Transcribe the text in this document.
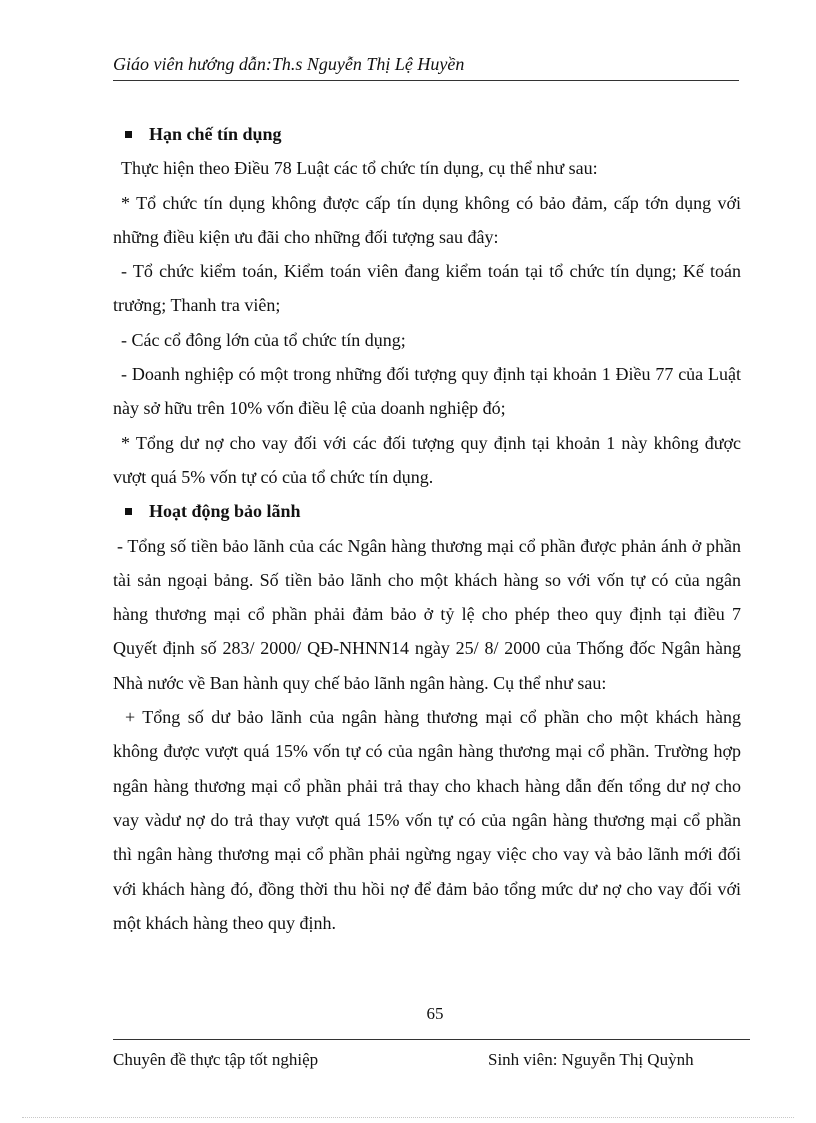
Giáo viên hướng dẫn:Th.s Nguyễn Thị Lệ Huyền
Hạn chế tín dụng

Thực hiện theo Điều 78 Luật các tổ chức tín dụng, cụ thể như sau:

* Tổ chức tín dụng không được cấp tín dụng không có bảo đảm, cấp tớn dụng với những điều kiện ưu đãi cho những đối tượng sau đây:

- Tổ chức kiểm toán, Kiểm toán viên đang kiểm toán tại tổ chức tín dụng; Kế toán trưởng; Thanh tra viên;

- Các cổ đông lớn của tổ chức tín dụng;

- Doanh nghiệp có một trong những đối tượng quy định tại khoản 1 Điều 77 của Luật này sở hữu trên 10% vốn điều lệ của doanh nghiệp đó;

* Tổng dư nợ cho vay đối với các đối tượng quy định tại khoản 1 này không được vượt quá 5% vốn tự có của tổ chức tín dụng.

Hoạt động bảo lãnh

- Tổng số tiền bảo lãnh của các Ngân hàng thương mại cổ phần được phản ánh ở phần tài sản ngoại bảng. Số tiền bảo lãnh cho một khách hàng so với vốn tự có của ngân hàng thương mại cổ phần phải đảm bảo ở tỷ lệ cho phép theo quy định tại điều 7 Quyết định số 283/ 2000/ QĐ-NHNN14 ngày 25/ 8/ 2000 của Thống đốc Ngân hàng Nhà nước về Ban hành quy chế bảo lãnh ngân hàng. Cụ thể như sau:

+ Tổng số dư bảo lãnh của ngân hàng thương mại cổ phần cho một khách hàng không được vượt quá 15% vốn tự có của ngân hàng thương mại cổ phần. Trường hợp ngân hàng thương mại cổ phần phải trả thay cho khach hàng dẫn đến tổng dư nợ cho vay vàdư nợ do trả thay vượt quá 15% vốn tự có của ngân hàng thương mại cổ phần thì ngân hàng thương mại cổ phần phải ngừng ngay việc cho vay và bảo lãnh mới đối với khách hàng đó, đồng thời thu hồi nợ để đảm bảo tổng mức dư nợ cho vay đối với một khách hàng theo quy định.

65
Chuyên đề thực tập tốt nghiệp	Sinh viên: Nguyễn Thị Quỳnh
